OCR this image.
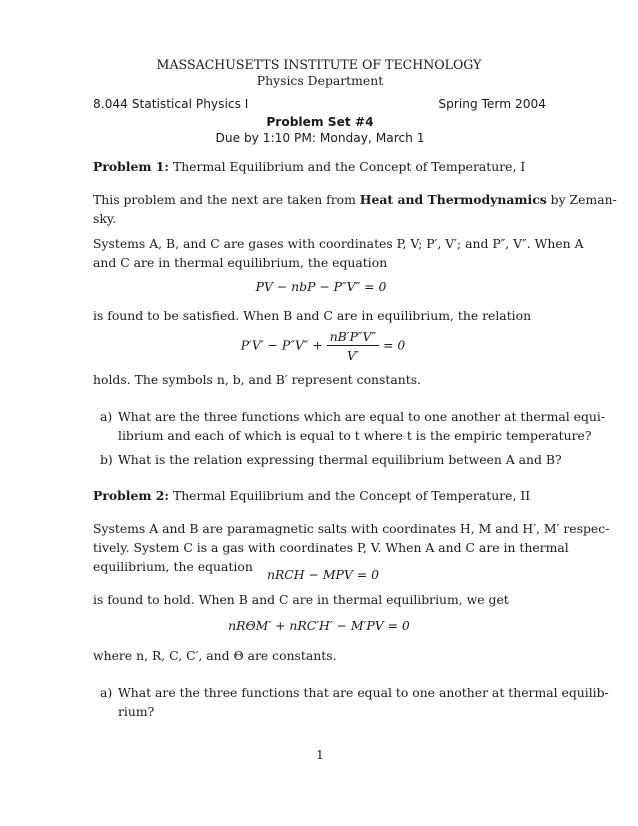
MASSACHUSETTS INSTITUTE OF TECHNOLOGY
Physics Department
8.044 Statistical Physics I	Spring Term 2004
Problem Set #4
Due by 1:10 PM: Monday, March 1
Problem 1: Thermal Equilibrium and the Concept of Temperature, I
This problem and the next are taken from Heat and Thermodynamics by Zeman-
sky.
Systems A, B, and C are gases with coordinates P, V; P′, V′; and P″, V″. When A
and C are in thermal equilibrium, the equation
PV − nbP − P″V″ = 0
is found to be satisfied. When B and C are in equilibrium, the relation
$P'V' - P''V'' + \frac{nB'P''V''}{V'} = 0$
holds. The symbols n, b, and B′ represent constants.
a) What are the three functions which are equal to one another at thermal equi-
librium and each of which is equal to t where t is the empiric temperature?
b) What is the relation expressing thermal equilibrium between A and B?
Problem 2: Thermal Equilibrium and the Concept of Temperature, II
Systems A and B are paramagnetic salts with coordinates H, M and H′, M′ respec-
tively. System C is a gas with coordinates P, V. When A and C are in thermal
equilibrium, the equation
nRCH − MPV = 0
is found to hold. When B and C are in thermal equilibrium, we get
nRΘM′ + nRC′H′ − M′PV = 0
where n, R, C, C′, and Θ are constants.
a) What are the three functions that are equal to one another at thermal equilib-
rium?
1
